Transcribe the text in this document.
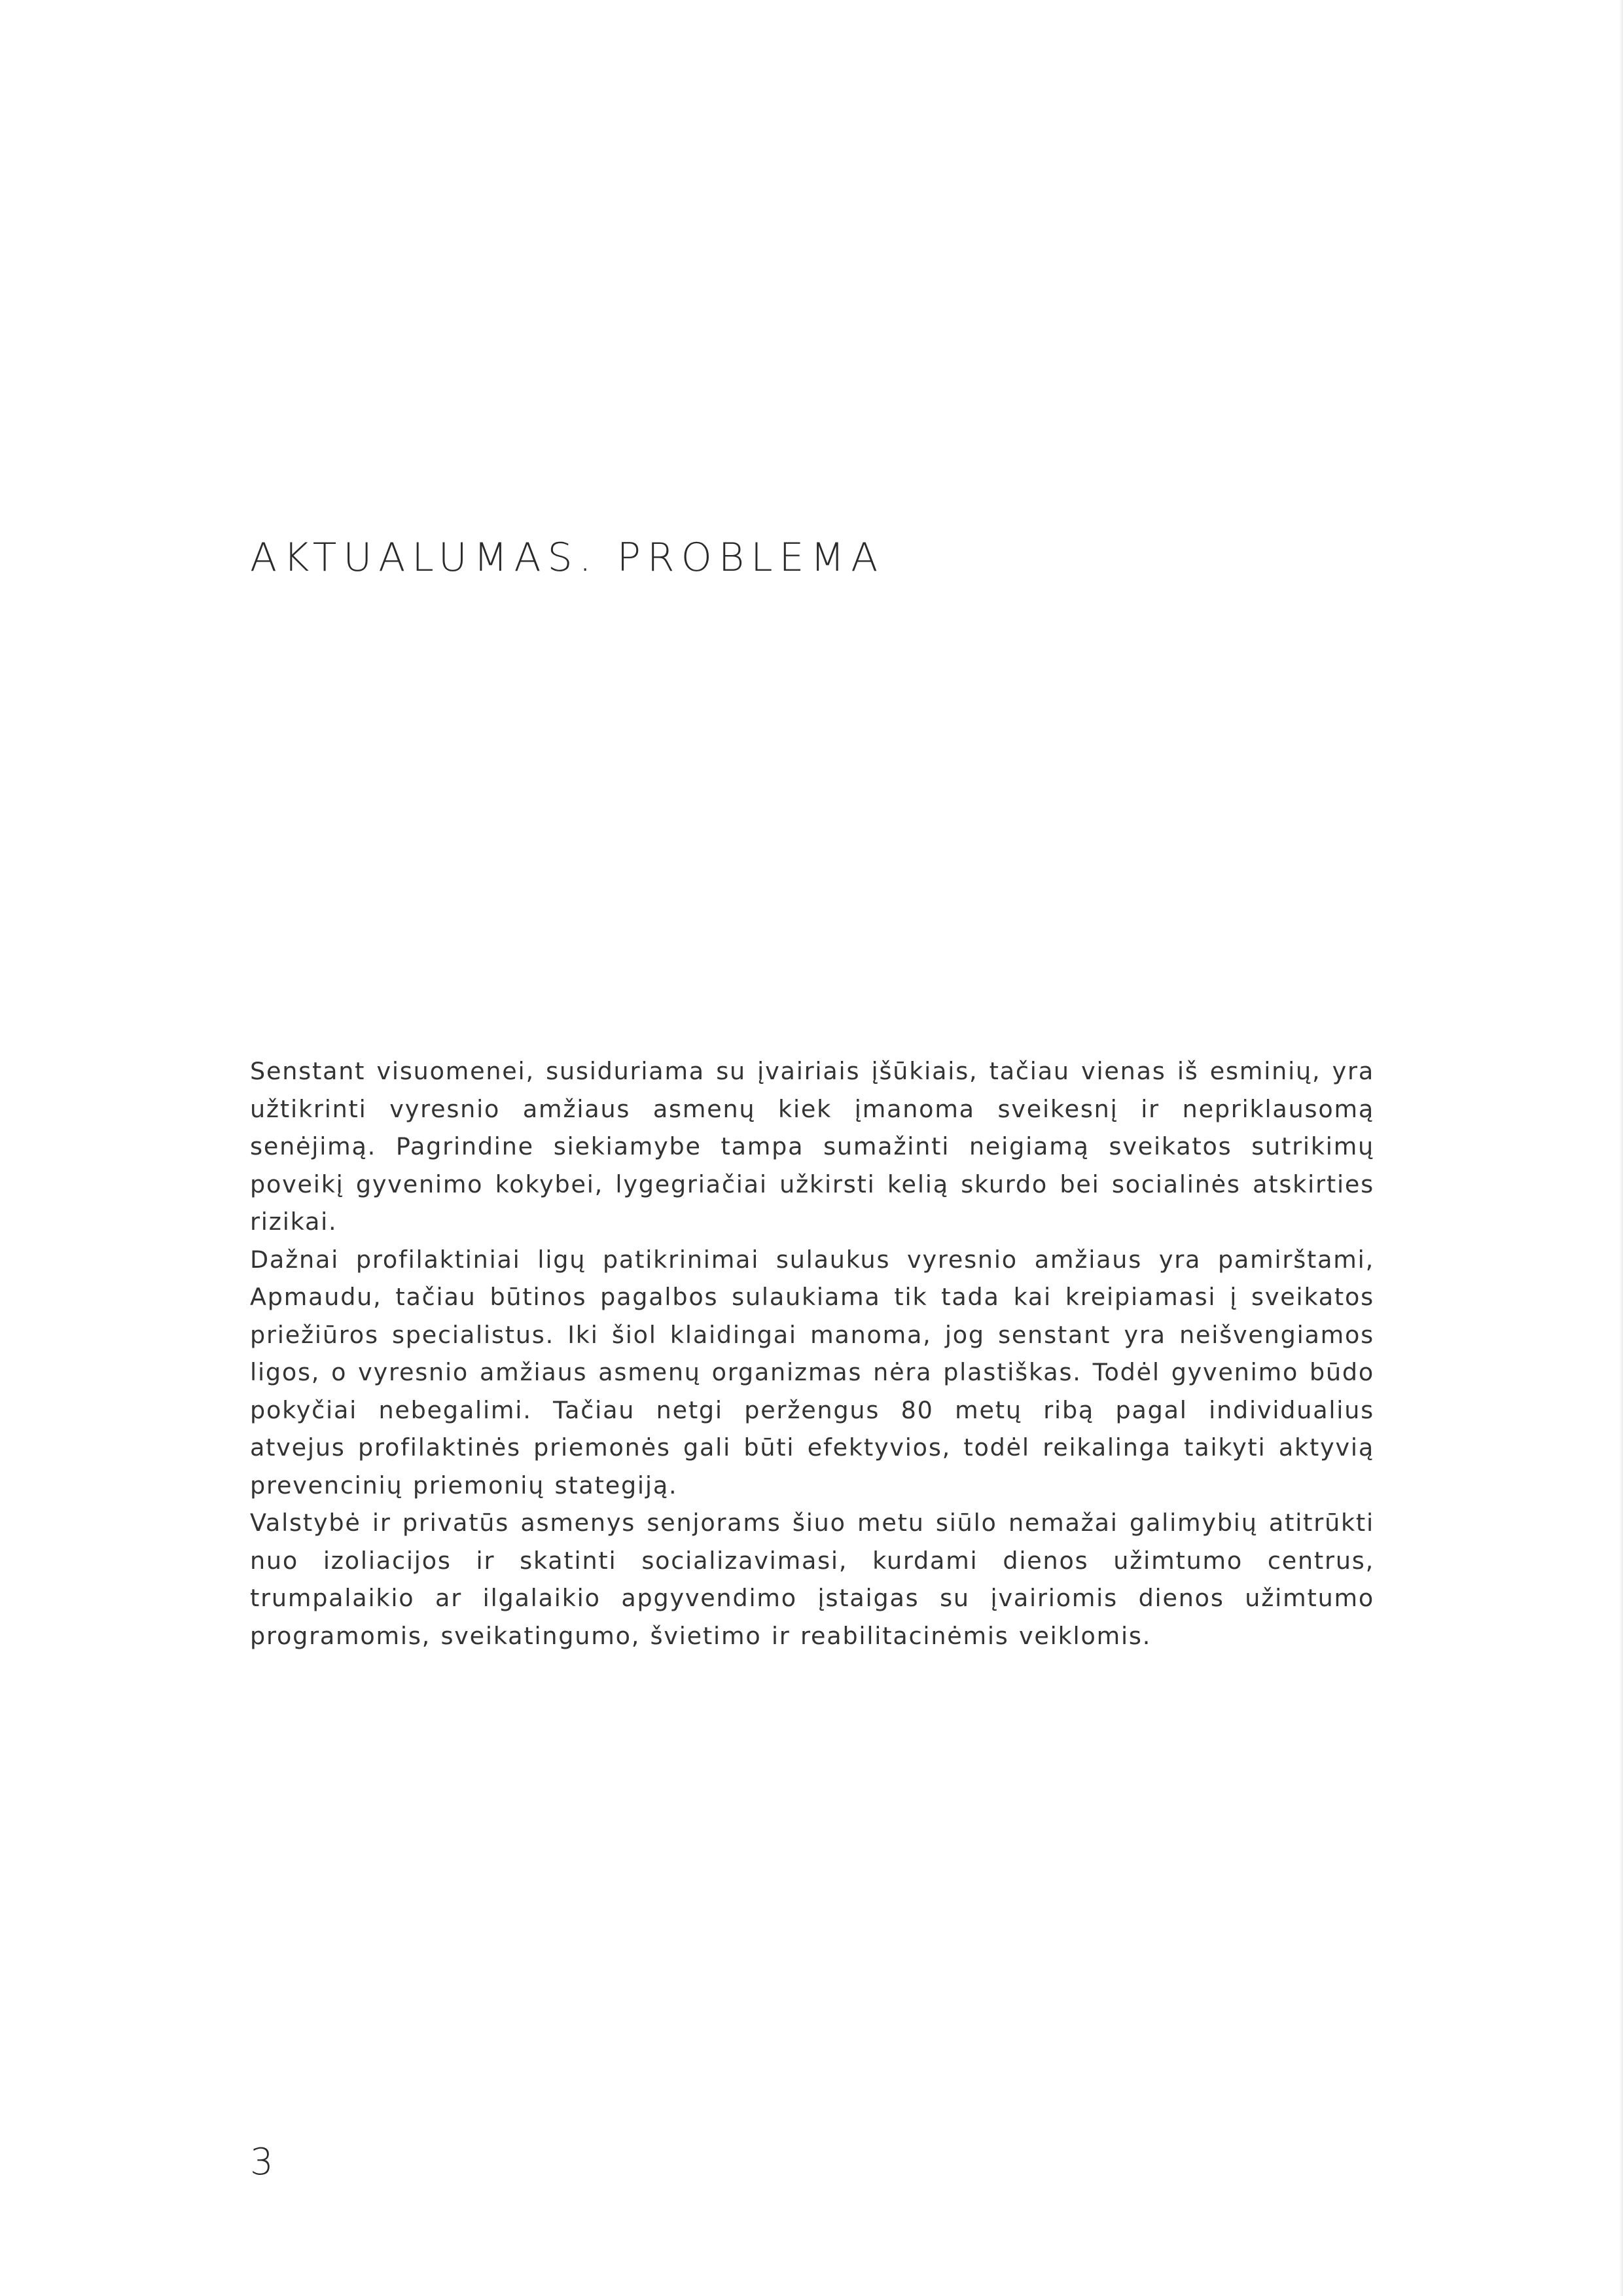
AKTUALUMAS. PROBLEMA

Senstant visuomenei, susiduriama su įvairiais įšūkiais, tačiau vienas iš esminių, yra užtikrinti vyresnio amžiaus asmenų kiek įmanoma sveikesnį ir nepriklausomą senėjimą. Pagrindine siekiamybe tampa sumažinti neigiamą sveikatos sutrikimų poveikį gyvenimo kokybei, lygegriačiai užkirsti kelią skurdo bei socialinės atskirties rizikai.

Dažnai profilaktiniai ligų patikrinimai sulaukus vyresnio amžiaus yra pamirštami, Apmaudu, tačiau būtinos pagalbos sulaukiama tik tada kai kreipiamasi į sveikatos priežiūros specialistus. Iki šiol klaidingai manoma, jog senstant yra neišvengiamos ligos, o vyresnio amžiaus asmenų organizmas nėra plastiškas. Todėl gyvenimo būdo pokyčiai nebegalimi. Tačiau netgi peržengus 80 metų ribą pagal individualius atvejus profilaktinės priemonės gali būti efektyvios, todėl reikalinga taikyti aktyvią prevencinių priemonių stategiją.

Valstybė ir privatūs asmenys senjorams šiuo metu siūlo nemažai galimybių atitrūkti nuo izoliacijos ir skatinti socializavimasi, kurdami dienos užimtumo centrus, trumpalaikio ar ilgalaikio apgyvendimo įstaigas su įvairiomis dienos užimtumo programomis, sveikatingumo, švietimo ir reabilitacinėmis veiklomis.

3
